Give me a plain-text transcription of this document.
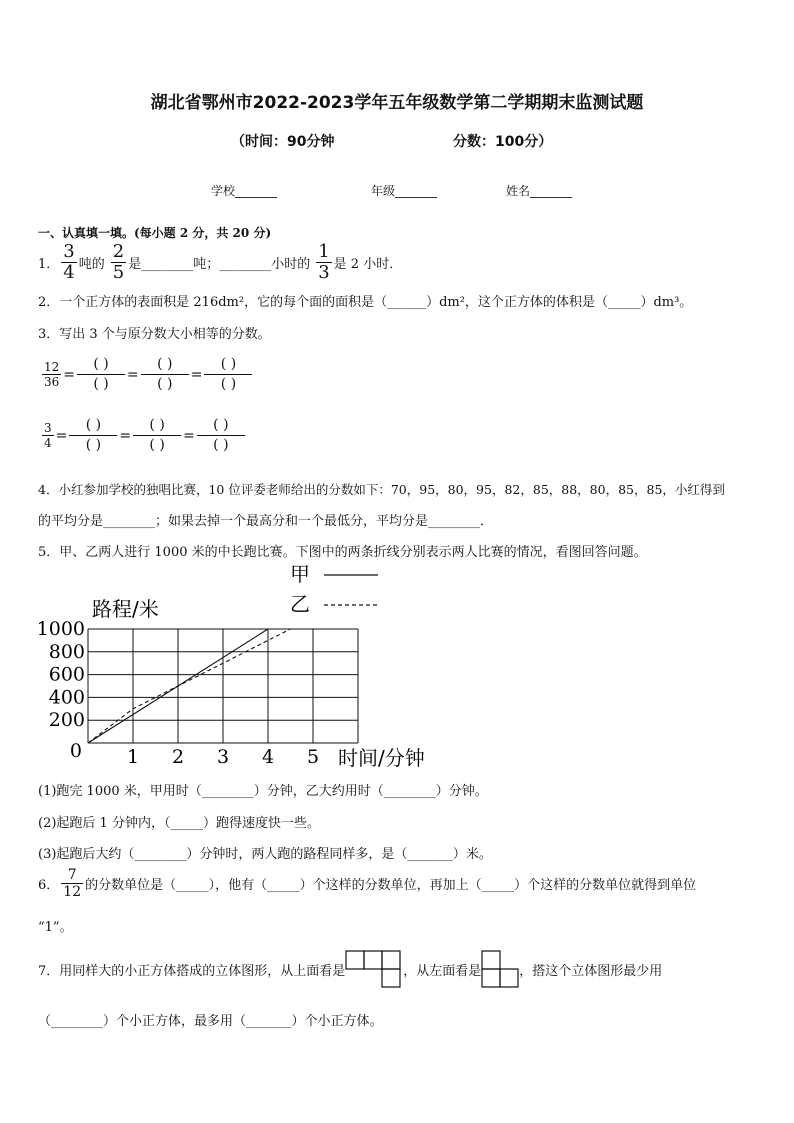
湖北省鄂州市2022-2023学年五年级数学第二学期期末监测试题
（时间：90分钟	分数：100分）
学校_______	年级_______	姓名_______
一、认真填一填。(每小题 2 分，共 20 分)
1． $\frac{3}{4}$ 吨的 $\frac{2}{5}$ 是________吨；________小时的 $\frac{1}{3}$ 是 2 小时．
2．一个正方体的表面积是 216dm²，它的每个面的面积是（______）dm²，这个正方体的体积是（_____）dm³。
3．写出 3 个与原分数大小相等的分数。
$\frac{12}{36}$ =
( )
( )
=
( )
( )
=
( )
( )
$\frac{3}{4}$ =
( )
( )
=
( )
( )
=
( )
( )
4．小红参加学校的独唱比赛，10 位评委老师给出的分数如下：70，95，80，95，82，85，88，80，85，85，小红得到
的平均分是________；如果去掉一个最高分和一个最低分，平均分是________．
5．甲、乙两人进行 1000 米的中长跑比赛。下图中的两条折线分别表示两人比赛的情况，看图回答问题。
200
400
600
800
1000
0 1 2 3 4 5
路程/米
时间/分钟
甲
乙
(1)跑完 1000 米，甲用时（________）分钟，乙大约用时（________）分钟。
(2)起跑后 1 分钟内，（_____）跑得速度快一些。
(3)起跑后大约（________）分钟时，两人跑的路程同样多，是（_______）米。
6． $\frac{7}{12}$ 的分数单位是（_____），他有（_____）个这样的分数单位，再加上（_____）个这样的分数单位就得到单位
“1”。
7．用同样大的小正方体搭成的立体图形，从上面看是	，从左面看是	，搭这个立体图形最少用
（________）个小正方体，最多用（_______）个小正方体。
